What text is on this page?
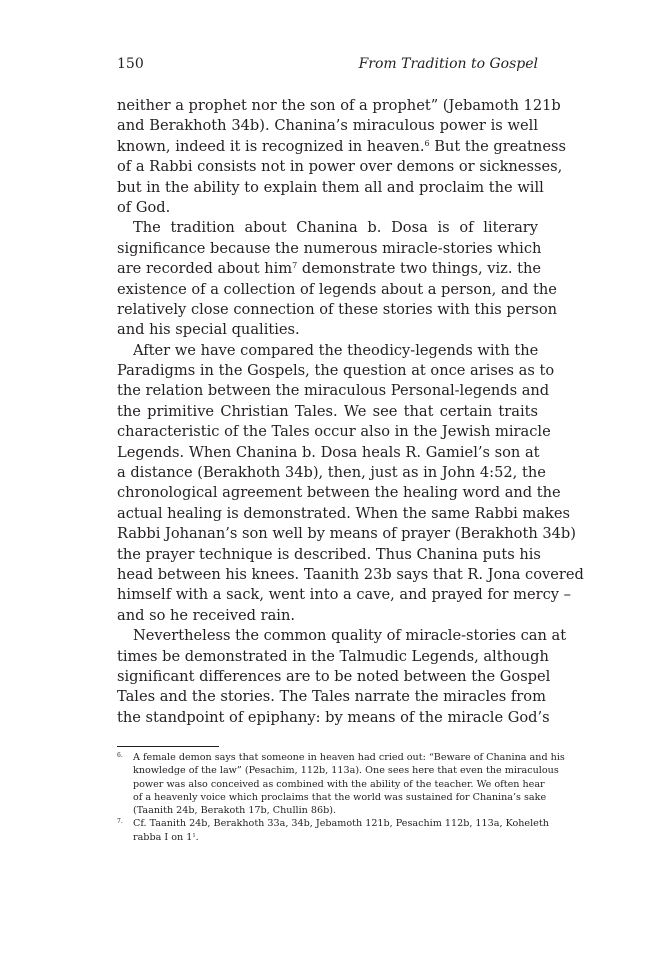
150	From Tradition to Gospel
neither a prophet nor the son of a prophet” (Jebamoth 121b
and Berakhoth 34b). Chanina’s miraculous power is well
known, indeed it is recognized in heaven.$^6$ But the greatness
of a Rabbi consists not in power over demons or sicknesses,
but in the ability to explain them all and proclaim the will
of God.
The tradition about Chanina b. Dosa is of literary
significance because the numerous miracle-stories which
are recorded about him$^7$ demonstrate two things, viz. the
existence of a collection of legends about a person, and the
relatively close connection of these stories with this person
and his special qualities.
After we have compared the theodicy-legends with the
Paradigms in the Gospels, the question at once arises as to
the relation between the miraculous Personal-legends and
the primitive Christian Tales. We see that certain traits
characteristic of the Tales occur also in the Jewish miracle
Legends. When Chanina b. Dosa heals R. Gamiel’s son at
a distance (Berakhoth 34b), then, just as in John 4:52, the
chronological agreement between the healing word and the
actual healing is demonstrated. When the same Rabbi makes
Rabbi Johanan’s son well by means of prayer (Berakhoth 34b)
the prayer technique is described. Thus Chanina puts his
head between his knees. Taanith 23b says that R. Jona covered
himself with a sack, went into a cave, and prayed for mercy –
and so he received rain.
Nevertheless the common quality of miracle-stories can at
times be demonstrated in the Talmudic Legends, although
significant differences are to be noted between the Gospel
Tales and the stories. The Tales narrate the miracles from
the standpoint of epiphany: by means of the miracle God’s
6. A female demon says that someone in heaven had cried out: “Beware of Chanina and his
knowledge of the law” (Pesachim, 112b, 113a). One sees here that even the miraculous
power was also conceived as combined with the ability of the teacher. We often hear
of a heavenly voice which proclaims that the world was sustained for Chanina’s sake
(Taanith 24b, Berakoth 17b, Chullin 86b).
7. Cf. Taanith 24b, Berakhoth 33a, 34b, Jebamoth 121b, Pesachim 112b, 113a, Koheleth
rabba I on $1^1$.
